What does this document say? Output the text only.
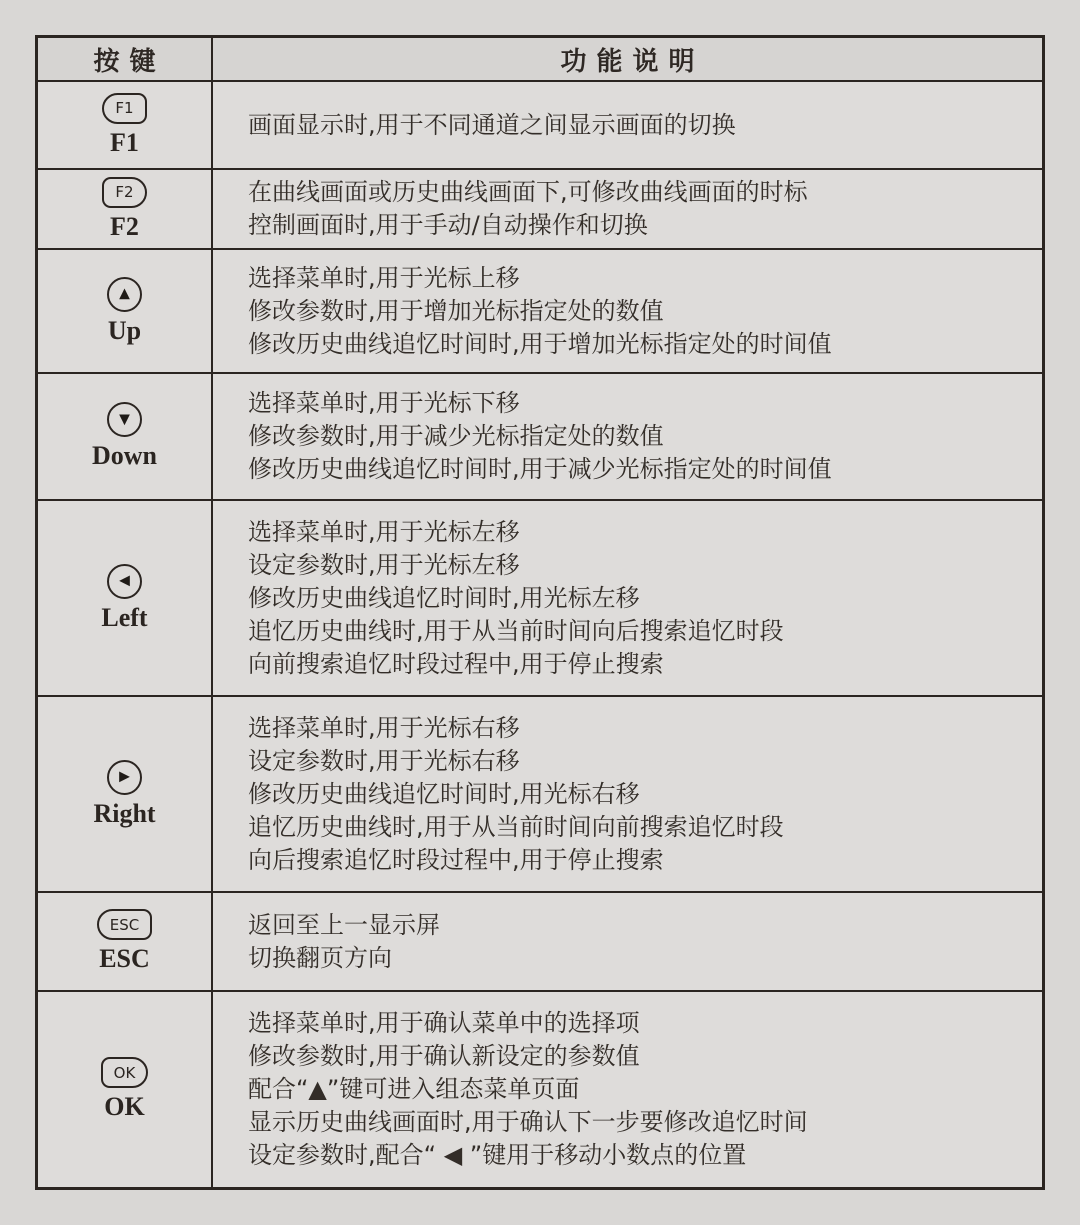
按键	功能说明
F1
F1
画面显示时,用于不同通道之间显示画面的切换
F2
F2
在曲线画面或历史曲线画面下,可修改曲线画面的时标
控制画面时,用于手动/自动操作和切换
▲
Up
选择菜单时,用于光标上移
修改参数时,用于增加光标指定处的数值
修改历史曲线追忆时间时,用于增加光标指定处的时间值
▼
Down
选择菜单时,用于光标下移
修改参数时,用于减少光标指定处的数值
修改历史曲线追忆时间时,用于减少光标指定处的时间值
◀
Left
选择菜单时,用于光标左移
设定参数时,用于光标左移
修改历史曲线追忆时间时,用光标左移
追忆历史曲线时,用于从当前时间向后搜索追忆时段
向前搜索追忆时段过程中,用于停止搜索
▶
Right
选择菜单时,用于光标右移
设定参数时,用于光标右移
修改历史曲线追忆时间时,用光标右移
追忆历史曲线时,用于从当前时间向前搜索追忆时段
向后搜索追忆时段过程中,用于停止搜索
ESC
ESC
返回至上一显示屏
切换翻页方向
OK
OK
选择菜单时,用于确认菜单中的选择项
修改参数时,用于确认新设定的参数值
配合“▲”键可进入组态菜单页面
显示历史曲线画面时,用于确认下一步要修改追忆时间
设定参数时,配合“ ◀ ”键用于移动小数点的位置
